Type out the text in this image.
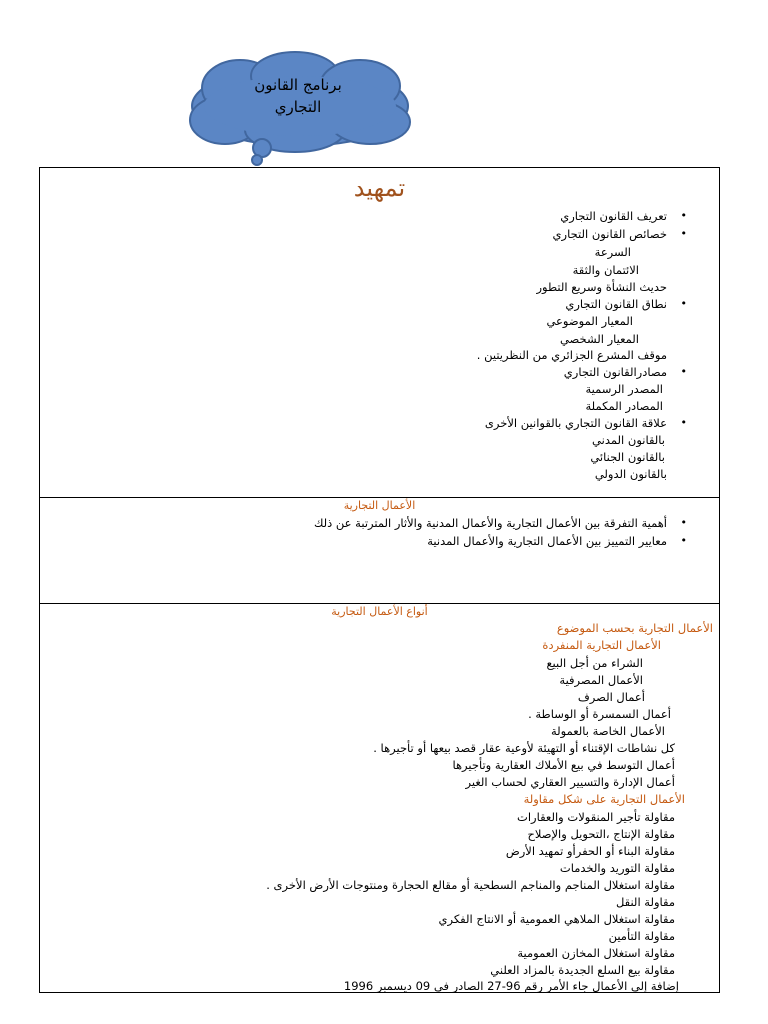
برنامج القانون
التجاري
تمهيد
تعريف القانون التجاري •
خصائص القانون التجاري •
السرعة
الائتمان والثقة
حديث النشأة وسريع التطور
نطاق القانون التجاري •
المعيار الموضوعي
المعيار الشخصي
موقف المشرع الجزائري من النظريتين .
مصادرالقانون التجاري •
المصدر الرسمية
المصادر المكملة
علاقة القانون التجاري بالقوانين الأخرى •
بالقانون المدني
بالقانون الجنائي
بالقانون الدولي
الأعمال التجارية
أهمية التفرقة بين الأعمال التجارية والأعمال المدنية والأثار المترتبة عن ذلك •
معايير التمييز بين الأعمال التجارية والأعمال المدنية •
أنواع الأعمال التجارية
الأعمال التجارية بحسب الموضوع
الأعمال التجارية المنفردة
الشراء من أجل البيع
الأعمال المصرفية
أعمال الصرف
أعمال السمسرة أو الوساطة .
الأعمال الخاصة بالعمولة
كل نشاطات الإقتناء أو التهيئة لأوعية عقار قصد بيعها أو تأجيرها .
أعمال التوسط في بيع الأملاك العقارية وتأجيرها
أعمال الإدارة والتسيير العقاري لحساب الغير
الأعمال التجارية على شكل مقاولة
مقاولة تأجير المنقولات والعقارات
مقاولة الإنتاج ،التحويل والإصلاح
مقاولة البناء أو الحفرأو تمهيد الأرض
مقاولة التوريد والخدمات
مقاولة استغلال المناجم والمناجم السطحية أو مقالع الحجارة ومنتوجات الأرض الأخرى .
مقاولة النقل
مقاولة استغلال الملاهي العمومية أو الانتاج الفكري
مقاولة التأمين
مقاولة استغلال المخازن العمومية
مقاولة بيع السلع الجديدة بالمزاد العلني
إضافة إلى الأعمال جاء الأمر رقم 96-27 الصادر في 09 ديسمبر 1996
